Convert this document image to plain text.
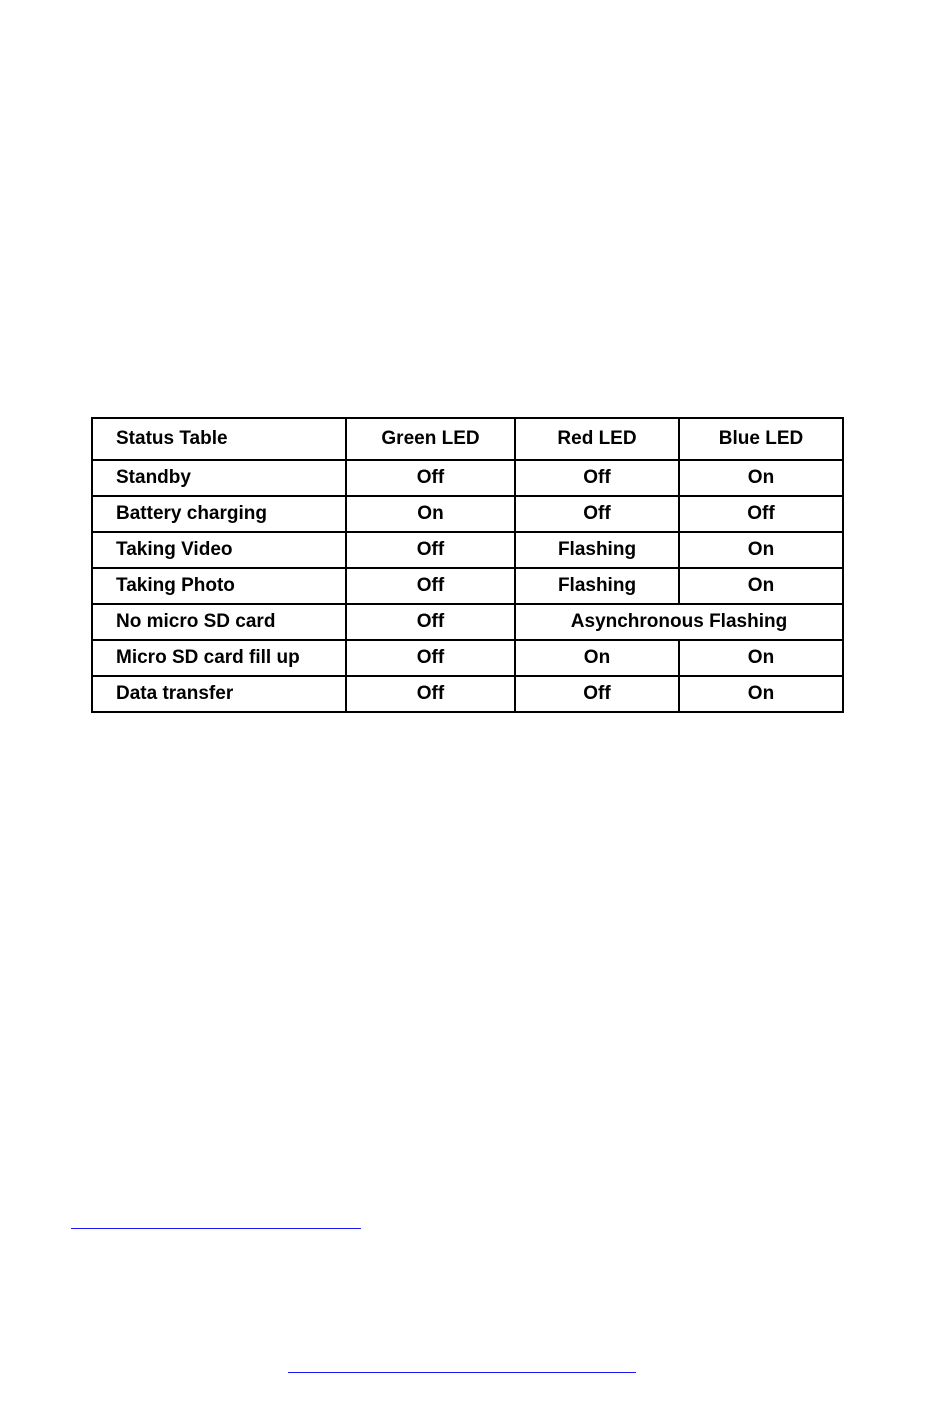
Status Table	Green LED	Red LED	Blue LED
Standby	Off	Off	On
Battery charging	On	Off	Off
Taking Video	Off	Flashing	On
Taking Photo	Off	Flashing	On
No micro SD card	Off	Asynchronous Flashing	
Micro SD card fill up	Off	On	On
Data transfer	Off	Off	On
